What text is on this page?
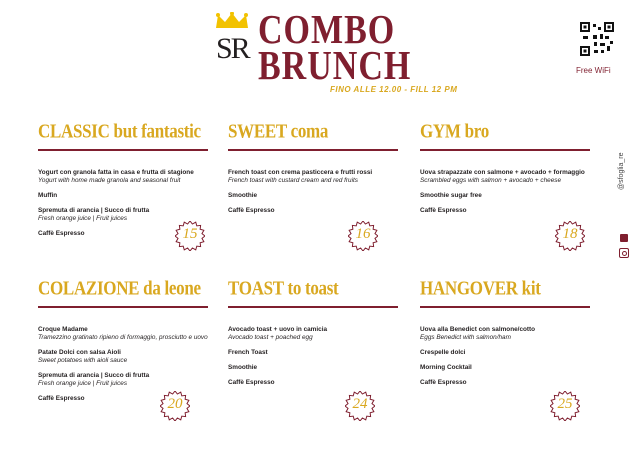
SR COMBO
BRUNCH
FINO ALLE 12.00 - FILL 12 PM
Free WiFi
@sfoglia_re
CLASSIC but fantastic
Yogurt con granola fatta in casa e frutta di stagione
Yogurt with home made granola and seasonal fruit
Muffin
Spremuta di arancia | Succo di frutta
Fresh orange juice | Fruit juices
Caffè Espresso	15
SWEET coma
French toast con crema pasticcera e frutti rossi
French toast with custard cream and red fruits
Smoothie
Caffè Espresso
16
GYM bro
Uova strapazzate con salmone + avocado + formaggio
Scrambled eggs with salmon + avocado + cheese
Smoothie sugar free
Caffè Espresso
18
COLAZIONE da leone
Croque Madame
Tramezzino gratinato ripieno di formaggio, prosciutto e uovo
Patate Dolci con salsa Aioli
Sweet potatoes with aioli sauce
Spremuta di arancia | Succo di frutta
Fresh orange juice | Fruit juices
Caffè Espresso	20
TOAST to toast
Avocado toast + uovo in camicia
Avocado toast + poached egg
French Toast
Smoothie
Caffè Espresso
24
HANGOVER kit
Uova alla Benedict con salmone/cotto
Eggs Benedict with salmon/ham
Crespelle dolci
Morning Cocktail
Caffè Espresso
25
